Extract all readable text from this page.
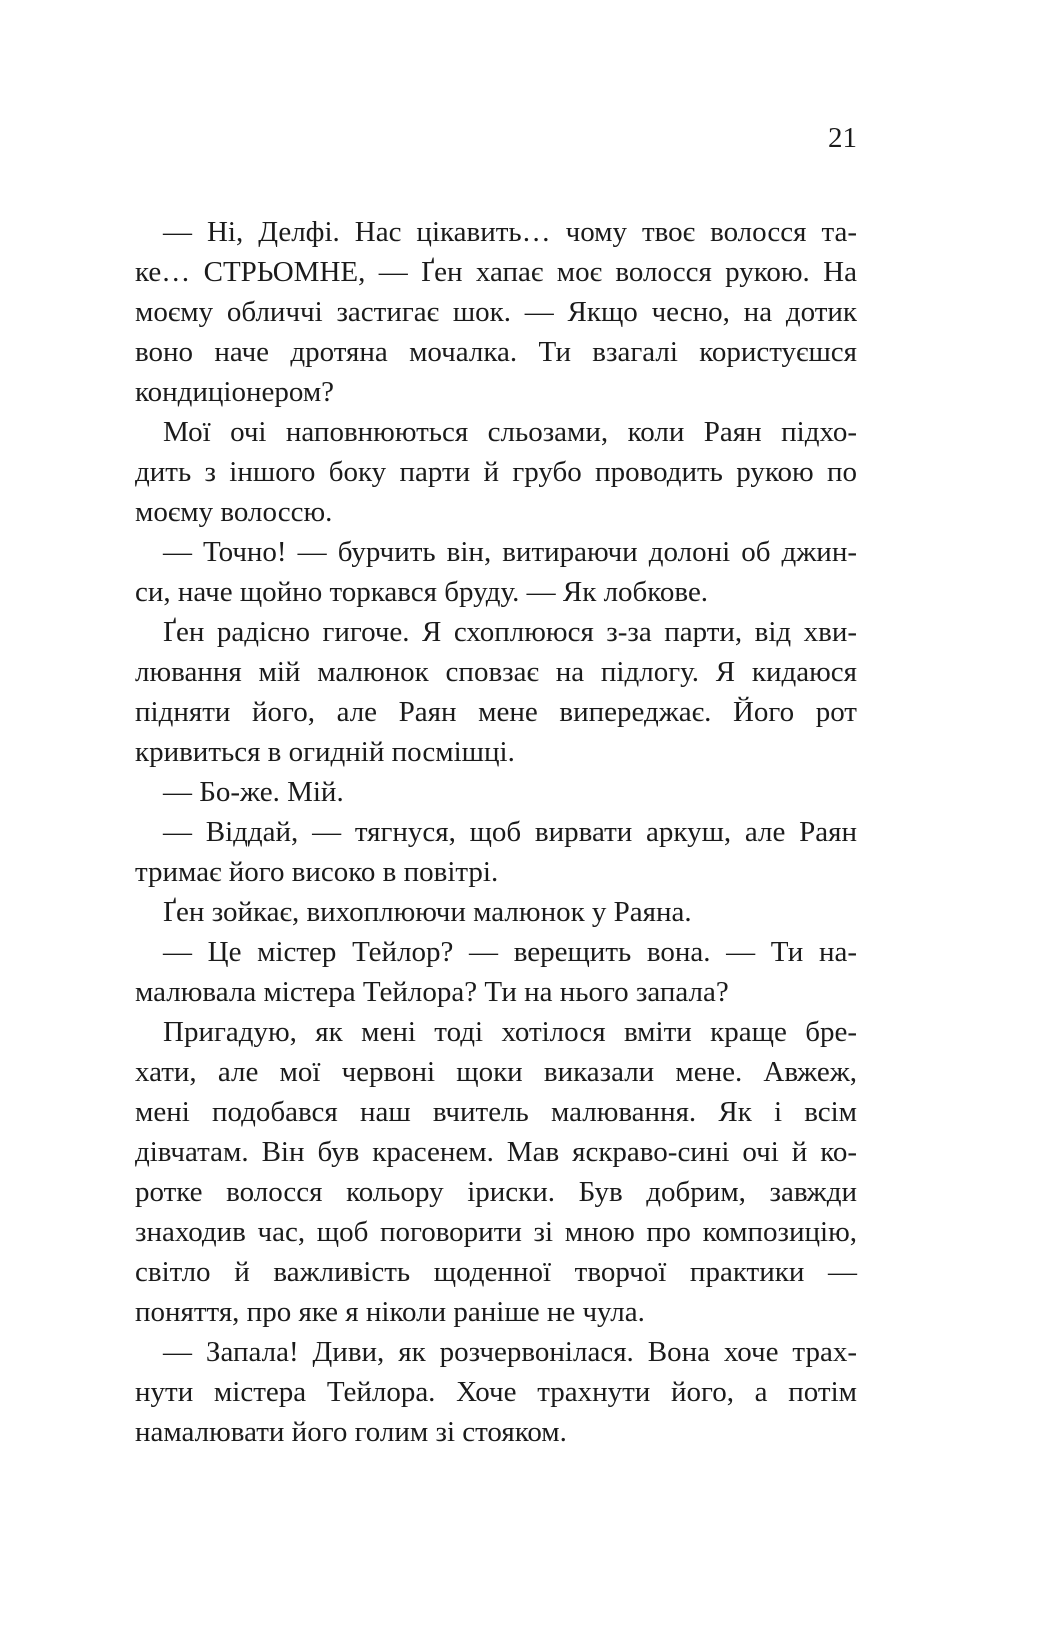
21
— Ні, Делфі. Нас цікавить… чому твоє волосся та-
ке… СТРЬОМНЕ, — Ґен хапає моє волосся рукою. На
моєму обличчі застигає шок. — Якщо чесно, на дотик
воно наче дротяна мочалка. Ти взагалі користуєшся
кондиціонером?
Мої очі наповнюються сльозами, коли Раян підхо-
дить з іншого боку парти й грубо проводить рукою по
моєму волоссю.
— Точно! — бурчить він, витираючи долоні об джин-
си, наче щойно торкався бруду. — Як лобкове.
Ґен радісно гигоче. Я схоплююся з-за парти, від хви-
лювання мій малюнок сповзає на підлогу. Я кидаюся
підняти його, але Раян мене випереджає. Його рот
кривиться в огидній посмішці.
— Бо-же. Мій.
— Віддай, — тягнуся, щоб вирвати аркуш, але Раян
тримає його високо в повітрі.
Ґен зойкає, вихоплюючи малюнок у Раяна.
— Це містер Тейлор? — верещить вона. — Ти на-
малювала містера Тейлора? Ти на нього запала?
Пригадую, як мені тоді хотілося вміти краще бре-
хати, але мої червоні щоки виказали мене. Авжеж,
мені подобався наш вчитель малювання. Як і всім
дівчатам. Він був красенем. Мав яскраво-сині очі й ко-
ротке волосся кольору іриски. Був добрим, завжди
знаходив час, щоб поговорити зі мною про композицію,
світло й важливість щоденної творчої практики —
поняття, про яке я ніколи раніше не чула.
— Запала! Диви, як розчервонілася. Вона хоче трах-
нути містера Тейлора. Хоче трахнути його, а потім
намалювати його голим зі стояком.
